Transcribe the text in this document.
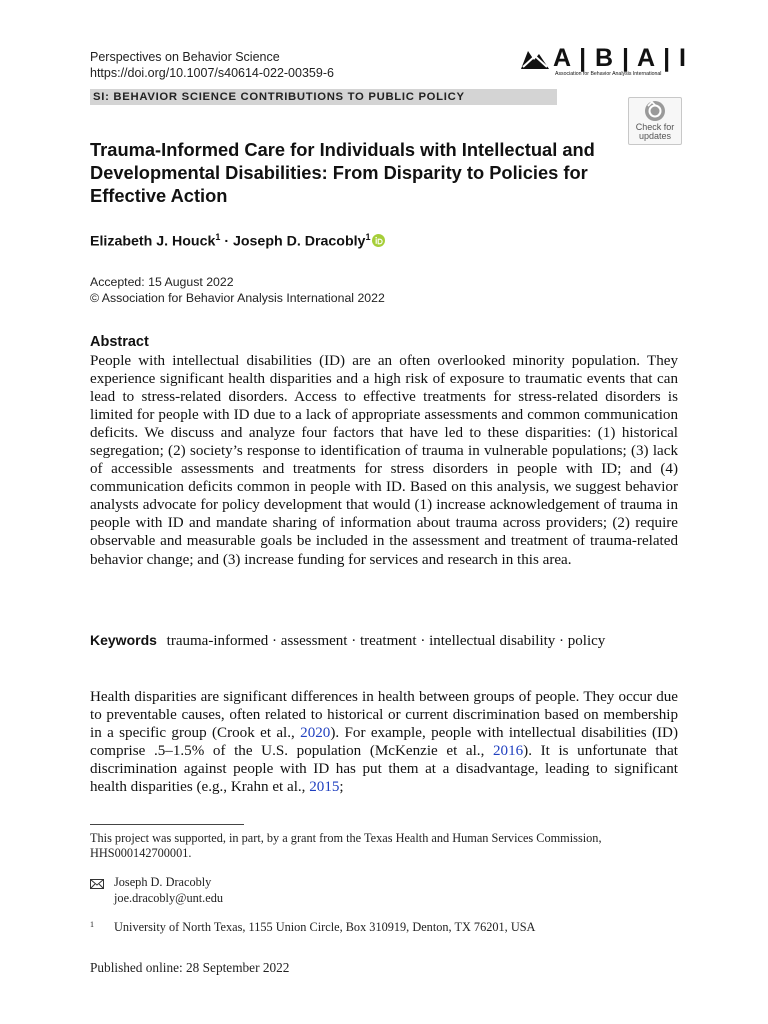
Perspectives on Behavior Science
https://doi.org/10.1007/s40614-022-00359-6
A | B | A | I
Association for Behavior Analysis International
SI: BEHAVIOR SCIENCE CONTRIBUTIONS TO PUBLIC POLICY
Check for
updates
Trauma-Informed Care for Individuals with Intellectual and Developmental Disabilities: From Disparity to Policies for Effective Action
Elizabeth J. Houck$^1$ · Joseph D. Dracobly$^1$
Accepted: 15 August 2022
© Association for Behavior Analysis International 2022
Abstract
People with intellectual disabilities (ID) are an often overlooked minority population. They experience significant health disparities and a high risk of exposure to traumatic events that can lead to stress-related disorders. Access to effective treatments for stress-related disorders is limited for people with ID due to a lack of appropriate assessments and common communication deficits. We discuss and analyze four factors that have led to these disparities: (1) historical segregation; (2) society’s response to identification of trauma in vulnerable populations; (3) lack of accessible assessments and treatments for stress disorders in people with ID; and (4) communication deficits common in people with ID. Based on this analysis, we suggest behavior analysts advocate for policy development that would (1) increase acknowledgement of trauma in people with ID and mandate sharing of information about trauma across providers; (2) require observable and measurable goals be included in the assessment and treatment of trauma-related behavior change; and (3) increase funding for services and research in this area.
Keywords trauma-informed · assessment · treatment · intellectual disability · policy
Health disparities are significant differences in health between groups of people. They occur due to preventable causes, often related to historical or current discrimination based on membership in a specific group (Crook et al., 2020). For example, people with intellectual disabilities (ID) comprise .5–1.5% of the U.S. population (McKenzie et al., 2016). It is unfortunate that discrimination against people with ID has put them at a disadvantage, leading to significant health disparities (e.g., Krahn et al., 2015;
This project was supported, in part, by a grant from the Texas Health and Human Services Commission, HHS000142700001.
Joseph D. Dracobly
joe.dracobly@unt.edu
1 University of North Texas, 1155 Union Circle, Box 310919, Denton, TX 76201, USA
Published online: 28 September 2022
